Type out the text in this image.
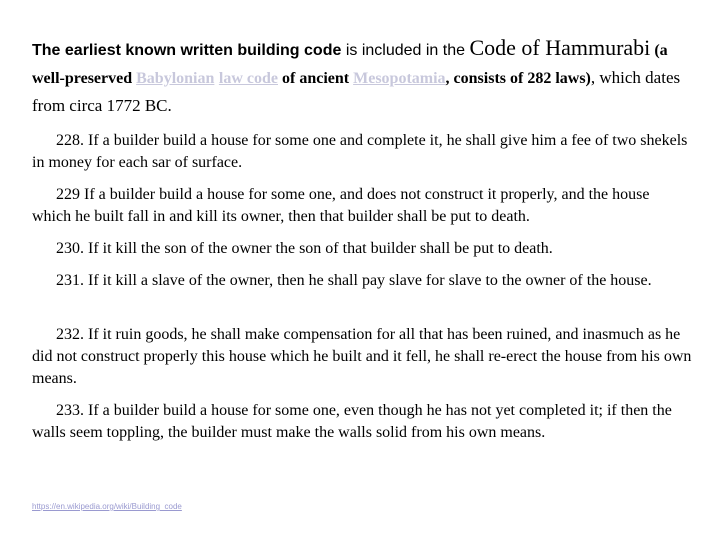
The earliest known written building code is included in the Code of Hammurabi (a well-preserved Babylonian law code of ancient Mesopotamia, consists of 282 laws), which dates from circa 1772 BC.

228. If a builder build a house for some one and complete it, he shall give him a fee of two shekels in money for each sar of surface.

229 If a builder build a house for some one, and does not construct it properly, and the house which he built fall in and kill its owner, then that builder shall be put to death.

230. If it kill the son of the owner the son of that builder shall be put to death.

231. If it kill a slave of the owner, then he shall pay slave for slave to the owner of the house.

232. If it ruin goods, he shall make compensation for all that has been ruined, and inasmuch as he did not construct properly this house which he built and it fell, he shall re-erect the house from his own means.

233. If a builder build a house for some one, even though he has not yet completed it; if then the walls seem toppling, the builder must make the walls solid from his own means.

https://en.wikipedia.org/wiki/Building_code
